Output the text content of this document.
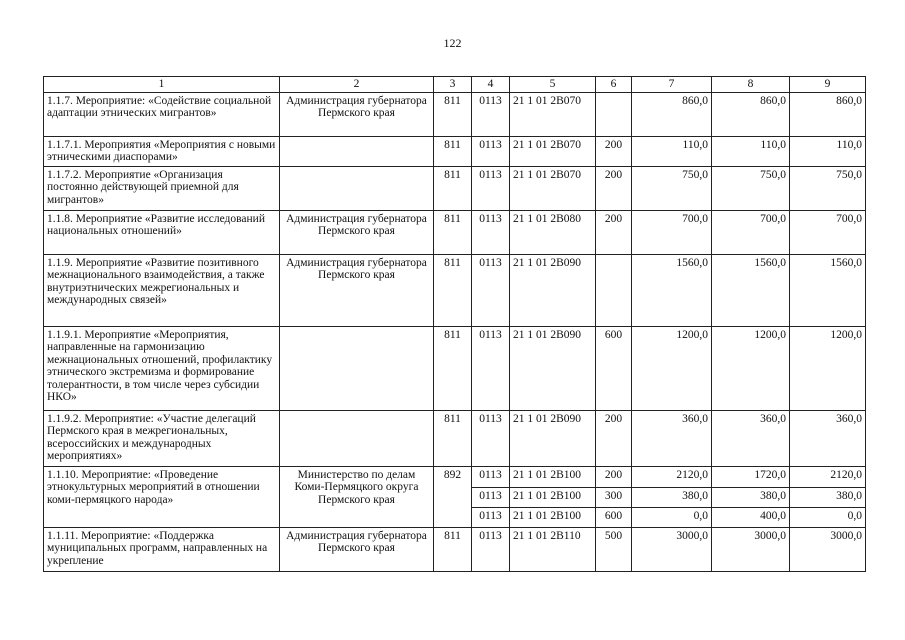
122
1	2	3	4	5	6	7	8	9
1.1.7. Мероприятие: «Содействие социальной адаптации этнических мигрантов»	Администрация губернатора Пермского края	811	0113	21 1 01 2В070		860,0	860,0	860,0
1.1.7.1. Мероприятия «Мероприятия с новыми этническими диаспорами»		811	0113	21 1 01 2В070	200	110,0	110,0	110,0
1.1.7.2. Мероприятие «Организация постоянно действующей приемной для мигрантов»		811	0113	21 1 01 2В070	200	750,0	750,0	750,0
1.1.8. Мероприятие «Развитие исследований национальных отношений»	Администрация губернатора Пермского края	811	0113	21 1 01 2В080	200	700,0	700,0	700,0
1.1.9. Мероприятие «Развитие позитивного межнационального взаимодействия, а также внутриэтнических межрегиональных и международных связей»	Администрация губернатора Пермского края	811	0113	21 1 01 2В090		1560,0	1560,0	1560,0
1.1.9.1. Мероприятие «Мероприятия, направленные на гармонизацию межнациональных отношений, профилактику этнического экстремизма и формирование толерантности, в том числе через субсидии НКО»		811	0113	21 1 01 2В090	600	1200,0	1200,0	1200,0
1.1.9.2. Мероприятие: «Участие делегаций Пермского края в межрегиональных, всероссийских и международных мероприятиях»		811	0113	21 1 01 2В090	200	360,0	360,0	360,0
1.1.10. Мероприятие: «Проведение этнокультурных мероприятий в отношении коми-пермяцкого народа»	Министерство по делам Коми-Пермяцкого округа Пермского края	892	0113	21 1 01 2В100	200	2120,0	1720,0	2120,0
			0113	21 1 01 2В100	300	380,0	380,0	380,0
			0113	21 1 01 2В100	600	0,0	400,0	0,0
1.1.11. Мероприятие: «Поддержка муниципальных программ, направленных на укрепление	Администрация губернатора Пермского края	811	0113	21 1 01 2В110	500	3000,0	3000,0	3000,0
